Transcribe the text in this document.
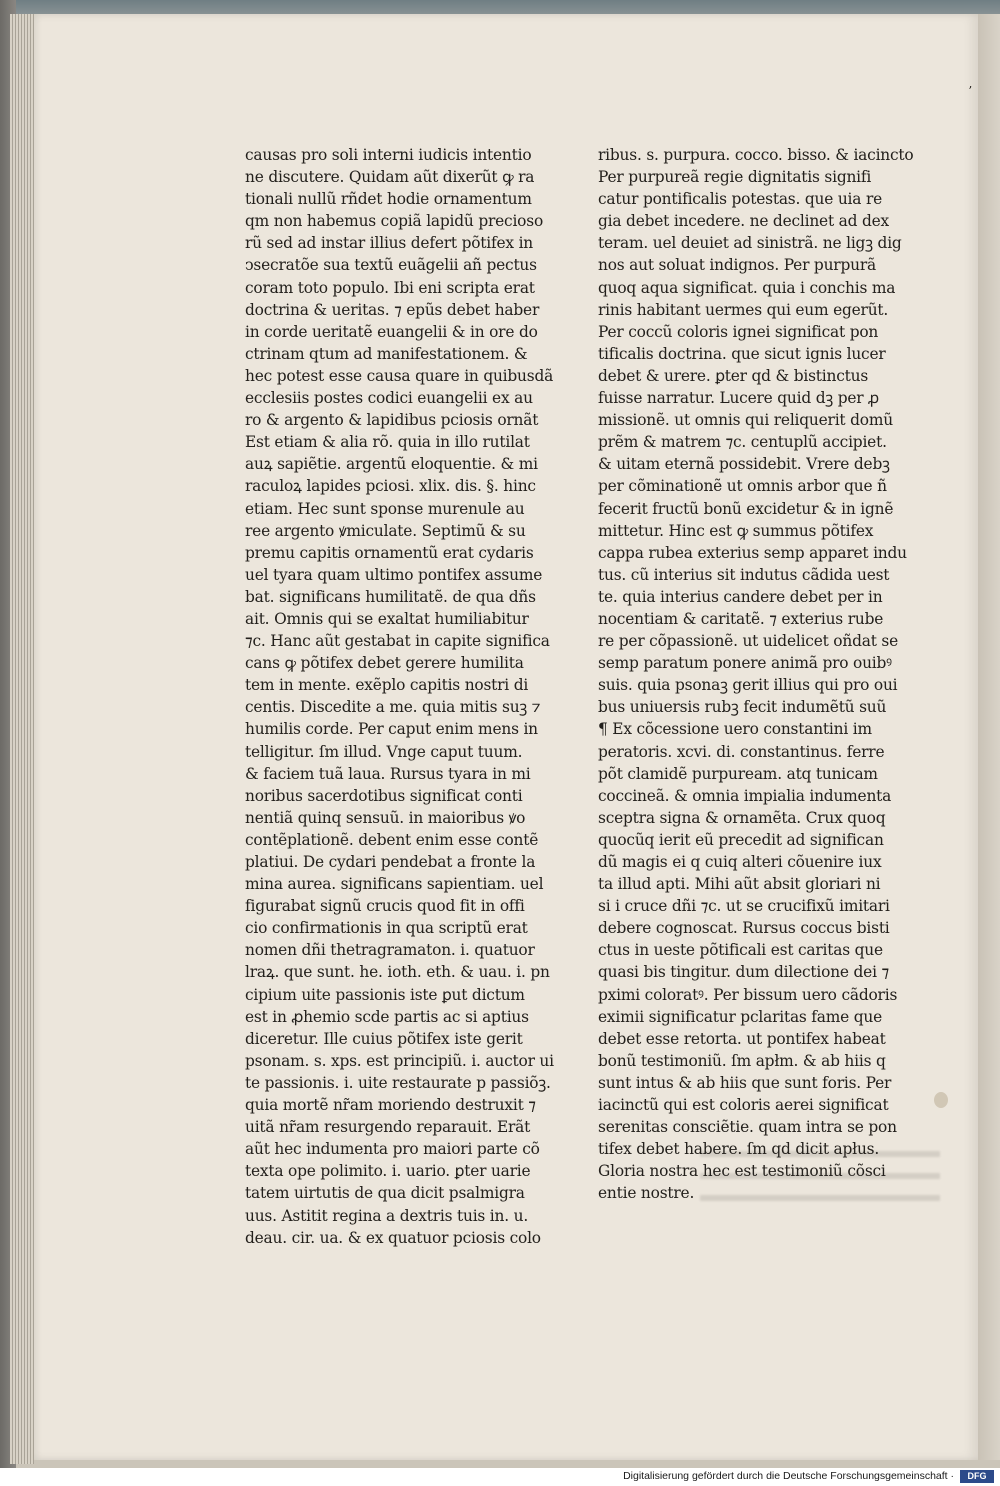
ʼ
causas pro soli interni iudicis intentio
ne discutere. Quidam aũt dixerũt ꝙ ra
tionali nullũ rñdet hodie ornamentum
qm non habemus copiã lapidũ precioso
rũ sed ad instar illius defert põtifex in
ↄsecratõe sua textũ euãgelii añ pectus
coram toto populo. Ibi eni scripta erat
doctrina & ueritas. ⁊ epũs debet haber
in corde ueritatẽ euangelii & in ore do
ctrinam qtum ad manifestationem. &
hec potest esse causa quare in quibusdã
ecclesiis postes codici euangelii ex au
ro & argento & lapidibus pciosis ornãt
Est etiam & alia rõ. quia in illo rutilat
auꝝ sapiẽtie. argentũ eloquentie. & mi
raculoꝝ lapides pciosi. xlix. dis. §. hinc
etiam. Hec sunt sponse murenule au
ree argento ꝟmiculate. Septimũ & su
premu capitis ornamentũ erat cydaris
uel tyara quam ultimo pontifex assume
bat. significans humilitatẽ. de qua dñs
ait. Omnis qui se exaltat humiliabitur
⁊c. Hanc aũt gestabat in capite significa
cans ꝙ põtifex debet gerere humilita
tem in mente. exẽplo capitis nostri di
centis. Discedite a me. quia mitis suꝫ ⁊
humilis corde. Per caput enim mens in
telligitur. ſm illud. Vnge caput tuum.
& faciem tuã laua. Rursus tyara in mi
noribus sacerdotibus significat conti
nentiã quinq sensuũ. in maioribus ꝟo
contẽplationẽ. debent enim esse contẽ
platiui. De cydari pendebat a fronte la
mina aurea. significans sapientiam. uel
figurabat signũ crucis quod fit in offi
cio confirmationis in qua scriptũ erat
nomen dñi thetragramaton. i. quatuor
lraꝝ. que sunt. he. ioth. eth. & uau. i. pn
cipium uite passionis iste ꝑut dictum
est in ꝓhemio scde partis ac si aptius
diceretur. Ille cuius põtifex iste gerit
psonam. s. xps. est principiũ. i. auctor ui
te passionis. i. uite restaurate p passiõꝫ.
quia mortẽ nr̃am moriendo destruxit ⁊
uitã nr̃am resurgendo reparauit. Erãt
aũt hec indumenta pro maiori parte cõ
texta ope polimito. i. uario. ꝑter uarie
tatem uirtutis de qua dicit psalmigra
uus. Astitit regina a dextris tuis in. u.
deau. cir. ua. & ex quatuor pciosis colo
ribus. s. purpura. cocco. bisso. & iacincto
Per purpureã regie dignitatis signifi
catur pontificalis potestas. que uia re
gia debet incedere. ne declinet ad dex
teram. uel deuiet ad sinistrã. ne ligꝫ dig
nos aut soluat indignos. Per purpurã
quoq aqua significat. quia i conchis ma
rinis habitant uermes qui eum egerũt.
Per coccũ coloris ignei significat pon
tificalis doctrina. que sicut ignis lucer
debet & urere. ꝑter qd & bistinctus
fuisse narratur. Lucere quid dꝫ per ꝓ
missionẽ. ut omnis qui reliquerit domũ
prẽm & matrem ⁊c. centuplũ accipiet.
& uitam eternã possidebit. Vrere debꝫ
per cõminationẽ ut omnis arbor que ñ
fecerit fructũ bonũ excidetur & in ignẽ
mittetur. Hinc est ꝙ summus põtifex
cappa rubea exterius semp apparet indu
tus. cũ interius sit indutus cãdida uest
te. quia interius candere debet per in
nocentiam & caritatẽ. ⁊ exterius rube
re per cõpassionẽ. ut uidelicet oñdat se
semp paratum ponere animã pro ouibꝰ
suis. quia psonaꝫ gerit illius qui pro oui
bus uniuersis rubꝫ fecit indumẽtũ suũ
¶ Ex cõcessione uero constantini im
peratoris. xcvi. di. constantinus. ferre
põt clamidẽ purpuream. atq tunicam
coccineã. & omnia impialia indumenta
sceptra signa & ornamẽta. Crux quoq
quocũq ierit eũ precedit ad significan
dũ magis ei q cuiq alteri cõuenire iux
ta illud apti. Mihi aũt absit gloriari ni
si i cruce dñi ⁊c. ut se crucifixũ imitari
debere cognoscat. Rursus coccus bisti
ctus in ueste põtificali est caritas que
quasi bis tingitur. dum dilectione dei ⁊
pximi coloratꝰ. Per bissum uero cãdoris
eximii significatur pclaritas fame que
debet esse retorta. ut pontifex habeat
bonũ testimoniũ. ſm apłm. & ab hiis q
sunt intus & ab hiis que sunt foris. Per
iacinctũ qui est coloris aerei significat
serenitas consciẽtie. quam intra se pon
tifex debet habere. ſm qd dicit apłus.
Gloria nostra hec est testimoniũ cõsci
entie nostre.
Digitalisierung gefördert durch die Deutsche Forschungsgemeinschaft ·	DFG
